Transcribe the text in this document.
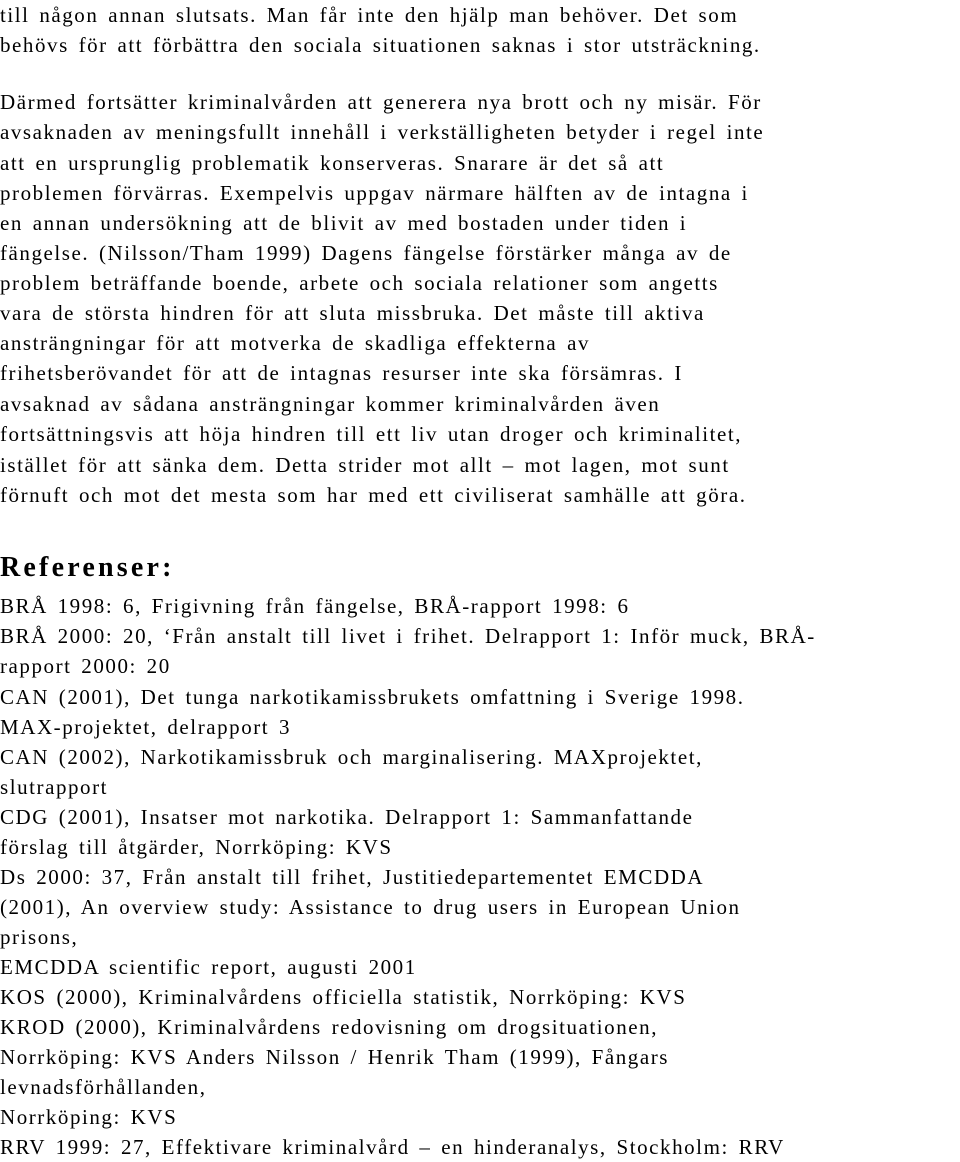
till någon annan slutsats. Man får inte den hjälp man behöver. Det som
behövs för att förbättra den sociala situationen saknas i stor utsträckning.
Därmed fortsätter kriminalvården att generera nya brott och ny misär. För
avsaknaden av meningsfullt innehåll i verkställigheten betyder i regel inte
att en ursprunglig problematik konserveras. Snarare är det så att
problemen förvärras. Exempelvis uppgav närmare hälften av de intagna i
en annan undersökning att de blivit av med bostaden under tiden i
fängelse. (Nilsson/Tham 1999) Dagens fängelse förstärker många av de
problem beträffande boende, arbete och sociala relationer som angetts
vara de största hindren för att sluta missbruka. Det måste till aktiva
ansträngningar för att motverka de skadliga effekterna av
frihetsberövandet för att de intagnas resurser inte ska försämras. I
avsaknad av sådana ansträngningar kommer kriminalvården även
fortsättningsvis att höja hindren till ett liv utan droger och kriminalitet,
istället för att sänka dem. Detta strider mot allt – mot lagen, mot sunt
förnuft och mot det mesta som har med ett civiliserat samhälle att göra.
Referenser:
BRÅ 1998: 6, Frigivning från fängelse, BRÅ-rapport 1998: 6
BRÅ 2000: 20, ‘Från anstalt till livet i frihet. Delrapport 1: Inför muck, BRÅ-
rapport 2000: 20
CAN (2001), Det tunga narkotikamissbrukets omfattning i Sverige 1998.
MAX-projektet, delrapport 3
CAN (2002), Narkotikamissbruk och marginalisering. MAXprojektet,
slutrapport
CDG (2001), Insatser mot narkotika. Delrapport 1: Sammanfattande
förslag till åtgärder, Norrköping: KVS
Ds 2000: 37, Från anstalt till frihet, Justitiedepartementet EMCDDA
(2001), An overview study: Assistance to drug users in European Union
prisons,
EMCDDA scientific report, augusti 2001
KOS (2000), Kriminalvårdens officiella statistik, Norrköping: KVS
KROD (2000), Kriminalvårdens redovisning om drogsituationen,
Norrköping: KVS Anders Nilsson / Henrik Tham (1999), Fångars
levnadsförhållanden,
Norrköping: KVS
RRV 1999: 27, Effektivare kriminalvård – en hinderanalys, Stockholm: RRV
